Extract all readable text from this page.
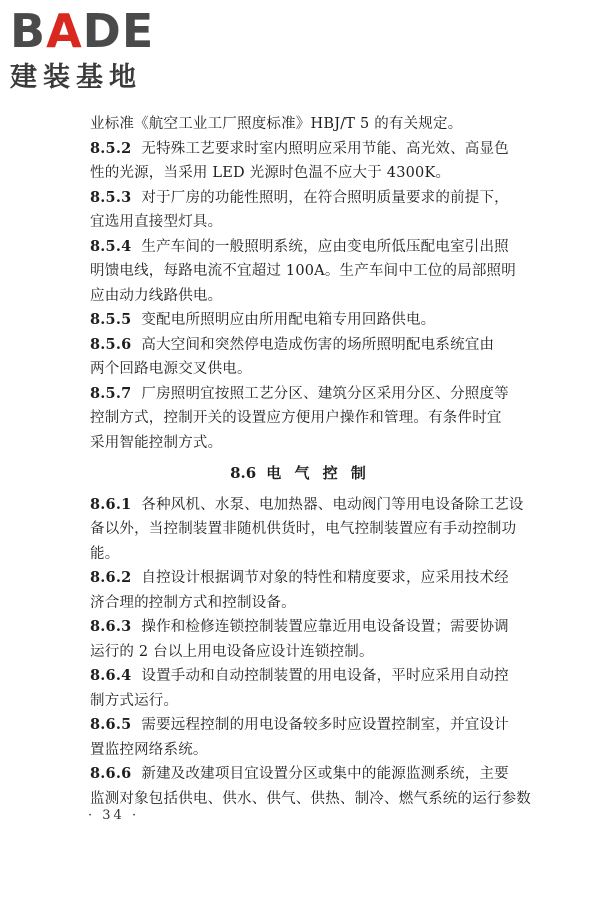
BADE
建装基地

业标准《航空工业工厂照度标准》HBJ/T 5 的有关规定。

8.5.2 无特殊工艺要求时室内照明应采用节能、高光效、高显色

性的光源，当采用 LED 光源时色温不应大于 4300K。

8.5.3 对于厂房的功能性照明，在符合照明质量要求的前提下，

宜选用直接型灯具。

8.5.4 生产车间的一般照明系统，应由变电所低压配电室引出照

明馈电线，每路电流不宜超过 100A。生产车间中工位的局部照明

应由动力线路供电。

8.5.5 变配电所照明应由所用配电箱专用回路供电。

8.5.6 高大空间和突然停电造成伤害的场所照明配电系统宜由

两个回路电源交叉供电。

8.5.7 厂房照明宜按照工艺分区、建筑分区采用分区、分照度等

控制方式，控制开关的设置应方便用户操作和管理。有条件时宜

采用智能控制方式。

8.6 电 气 控 制

8.6.1 各种风机、水泵、电加热器、电动阀门等用电设备除工艺设

备以外，当控制装置非随机供货时，电气控制装置应有手动控制功

能。

8.6.2 自控设计根据调节对象的特性和精度要求，应采用技术经

济合理的控制方式和控制设备。

8.6.3 操作和检修连锁控制装置应靠近用电设备设置；需要协调

运行的 2 台以上用电设备应设计连锁控制。

8.6.4 设置手动和自动控制装置的用电设备，平时应采用自动控

制方式运行。

8.6.5 需要远程控制的用电设备较多时应设置控制室，并宜设计

置监控网络系统。

8.6.6 新建及改建项目宜设置分区或集中的能源监测系统，主要

监测对象包括供电、供水、供气、供热、制冷、燃气系统的运行参数

· 34 ·
